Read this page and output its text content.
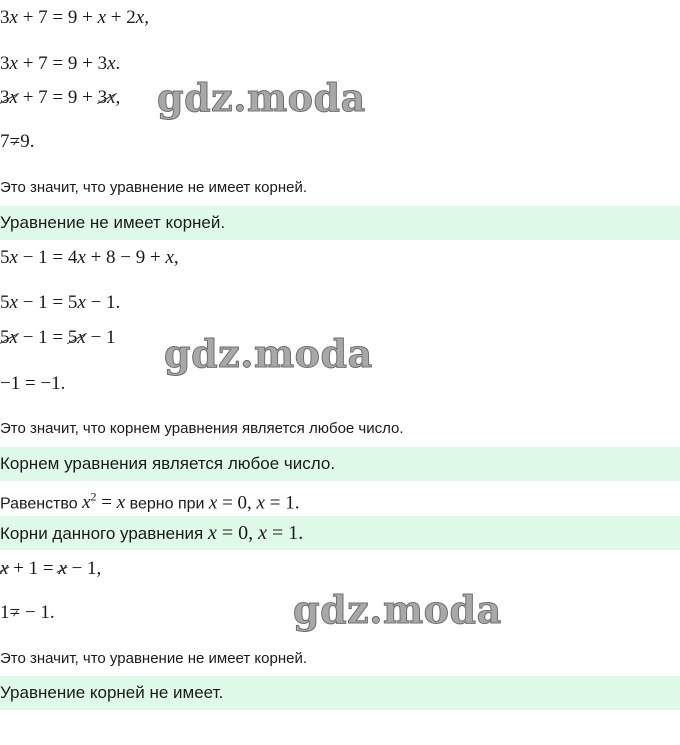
3x + 7 = 9 + x + 2x,
3x + 7 = 9 + 3x.
3x + 7 = 9 + 3x, gdz.moda
7=9.
Это значит, что уравнение не имеет корней.
Уравнение не имеет корней.
5x − 1 = 4x + 8 − 9 + x,
5x − 1 = 5x − 1.
5x − 1 = 5x − 1 gdz.moda
−1 = −1.
Это значит, что корнем уравнения является любое число.
Корнем уравнения является любое число.
Равенство $x^2 = x$ верно при x = 0, x = 1.
Корни данного уравнения x = 0, x = 1.
x + 1 = x − 1,
1= − 1.	gdz.moda
Это значит, что уравнение не имеет корней.
Уравнение корней не имеет.
